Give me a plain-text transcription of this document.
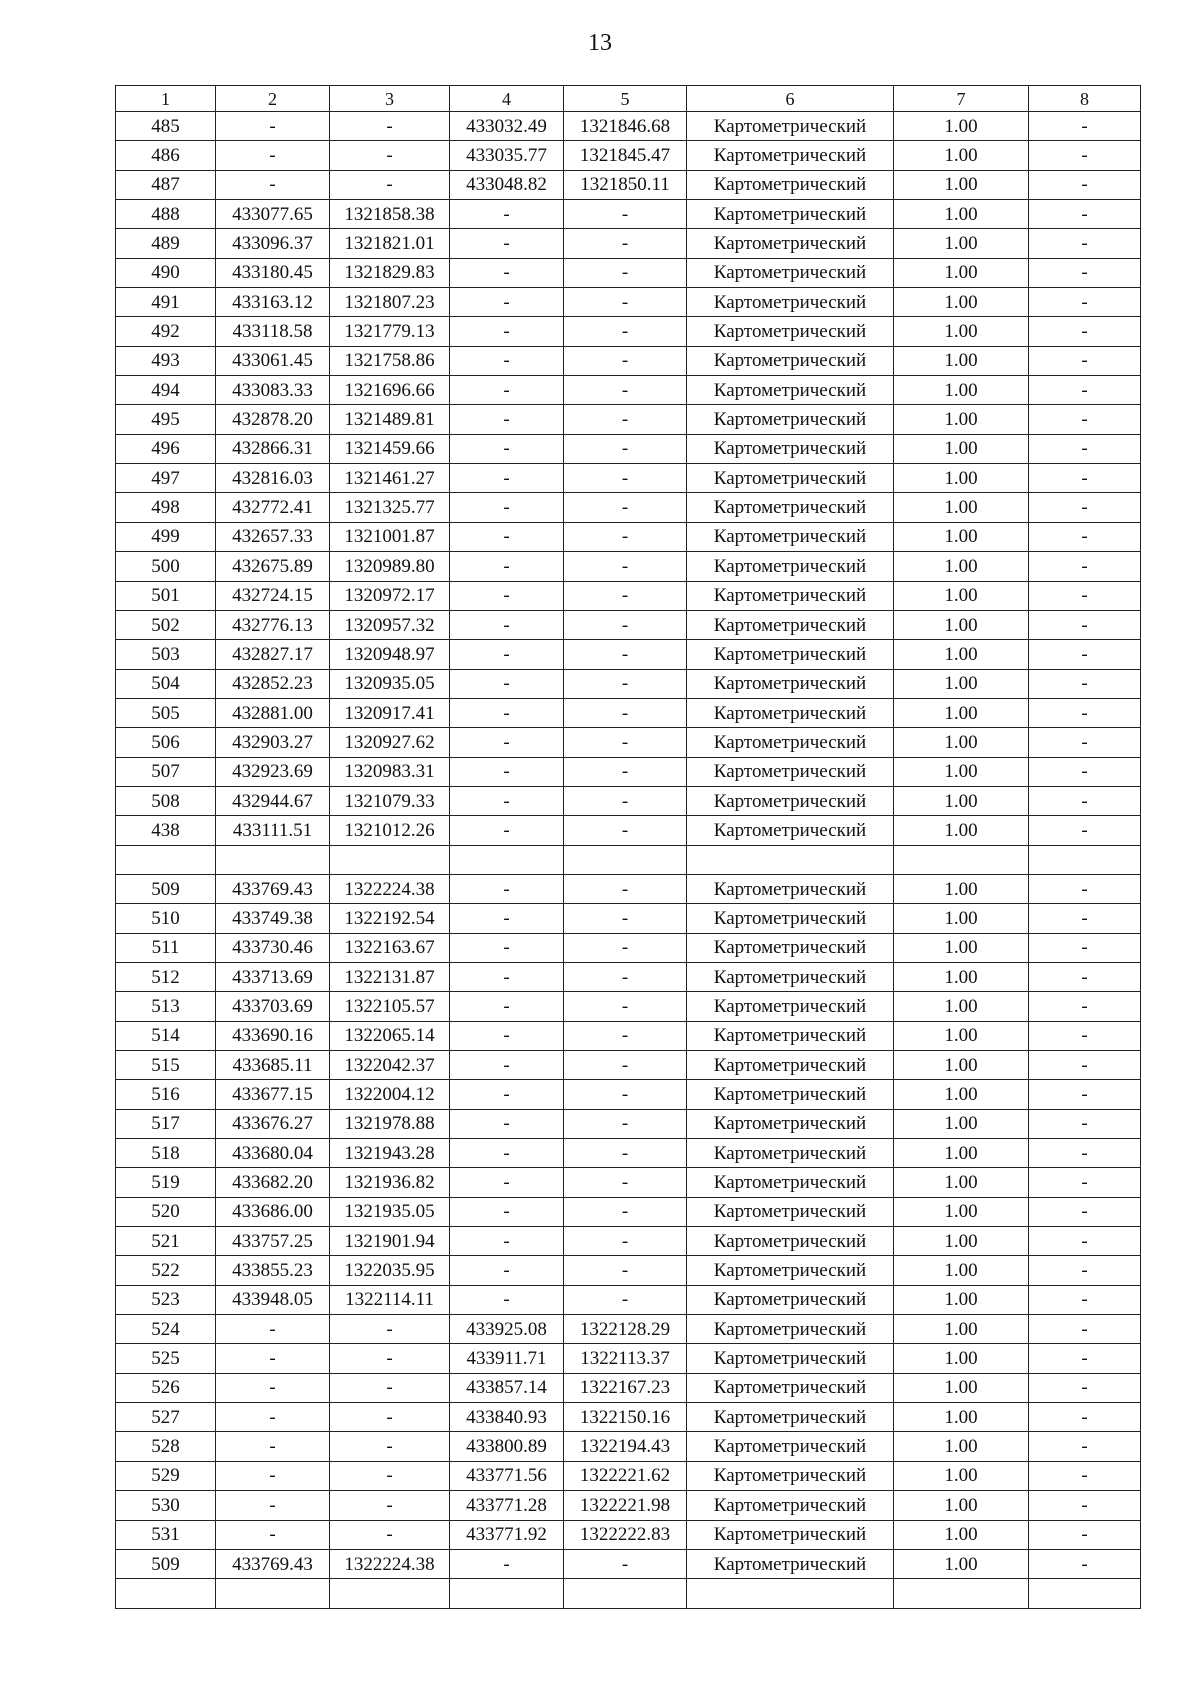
13
1	2	3	4	5	6	7	8
485	-	-	433032.49	1321846.68	Картометрический	1.00	-
486	-	-	433035.77	1321845.47	Картометрический	1.00	-
487	-	-	433048.82	1321850.11	Картометрический	1.00	-
488	433077.65	1321858.38	-	-	Картометрический	1.00	-
489	433096.37	1321821.01	-	-	Картометрический	1.00	-
490	433180.45	1321829.83	-	-	Картометрический	1.00	-
491	433163.12	1321807.23	-	-	Картометрический	1.00	-
492	433118.58	1321779.13	-	-	Картометрический	1.00	-
493	433061.45	1321758.86	-	-	Картометрический	1.00	-
494	433083.33	1321696.66	-	-	Картометрический	1.00	-
495	432878.20	1321489.81	-	-	Картометрический	1.00	-
496	432866.31	1321459.66	-	-	Картометрический	1.00	-
497	432816.03	1321461.27	-	-	Картометрический	1.00	-
498	432772.41	1321325.77	-	-	Картометрический	1.00	-
499	432657.33	1321001.87	-	-	Картометрический	1.00	-
500	432675.89	1320989.80	-	-	Картометрический	1.00	-
501	432724.15	1320972.17	-	-	Картометрический	1.00	-
502	432776.13	1320957.32	-	-	Картометрический	1.00	-
503	432827.17	1320948.97	-	-	Картометрический	1.00	-
504	432852.23	1320935.05	-	-	Картометрический	1.00	-
505	432881.00	1320917.41	-	-	Картометрический	1.00	-
506	432903.27	1320927.62	-	-	Картометрический	1.00	-
507	432923.69	1320983.31	-	-	Картометрический	1.00	-
508	432944.67	1321079.33	-	-	Картометрический	1.00	-
438	433111.51	1321012.26	-	-	Картометрический	1.00	-

509	433769.43	1322224.38	-	-	Картометрический	1.00	-
510	433749.38	1322192.54	-	-	Картометрический	1.00	-
511	433730.46	1322163.67	-	-	Картометрический	1.00	-
512	433713.69	1322131.87	-	-	Картометрический	1.00	-
513	433703.69	1322105.57	-	-	Картометрический	1.00	-
514	433690.16	1322065.14	-	-	Картометрический	1.00	-
515	433685.11	1322042.37	-	-	Картометрический	1.00	-
516	433677.15	1322004.12	-	-	Картометрический	1.00	-
517	433676.27	1321978.88	-	-	Картометрический	1.00	-
518	433680.04	1321943.28	-	-	Картометрический	1.00	-
519	433682.20	1321936.82	-	-	Картометрический	1.00	-
520	433686.00	1321935.05	-	-	Картометрический	1.00	-
521	433757.25	1321901.94	-	-	Картометрический	1.00	-
522	433855.23	1322035.95	-	-	Картометрический	1.00	-
523	433948.05	1322114.11	-	-	Картометрический	1.00	-
524	-	-	433925.08	1322128.29	Картометрический	1.00	-
525	-	-	433911.71	1322113.37	Картометрический	1.00	-
526	-	-	433857.14	1322167.23	Картометрический	1.00	-
527	-	-	433840.93	1322150.16	Картометрический	1.00	-
528	-	-	433800.89	1322194.43	Картометрический	1.00	-
529	-	-	433771.56	1322221.62	Картометрический	1.00	-
530	-	-	433771.28	1322221.98	Картометрический	1.00	-
531	-	-	433771.92	1322222.83	Картометрический	1.00	-
509	433769.43	1322224.38	-	-	Картометрический	1.00	-
